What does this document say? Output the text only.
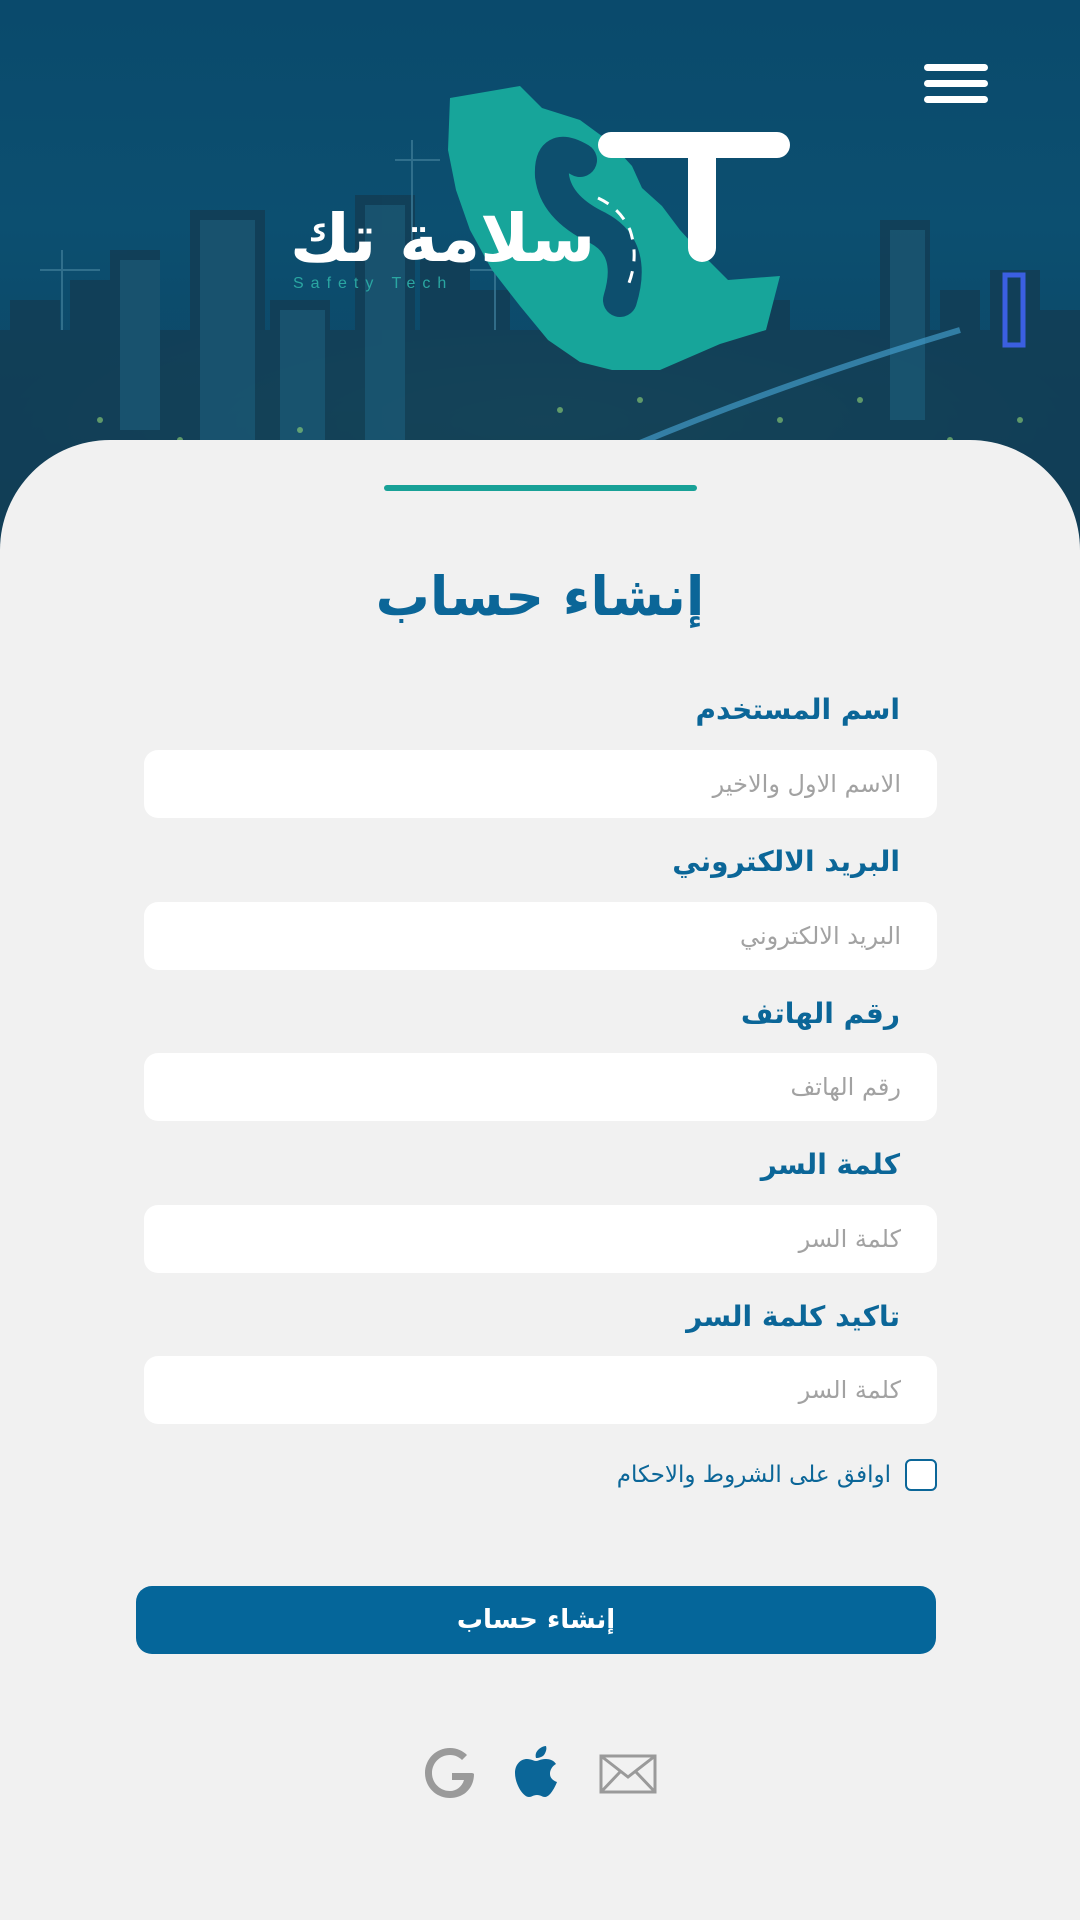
سلامة تك
Safety Tech
إنشاء حساب
اسم المستخدم
الاسم الاول والاخير
البريد الالكتروني
البريد الالكتروني
رقم الهاتف
رقم الهاتف
كلمة السر
تاكيد كلمة السر
اوافق على الشروط والاحكام
إنشاء حساب
